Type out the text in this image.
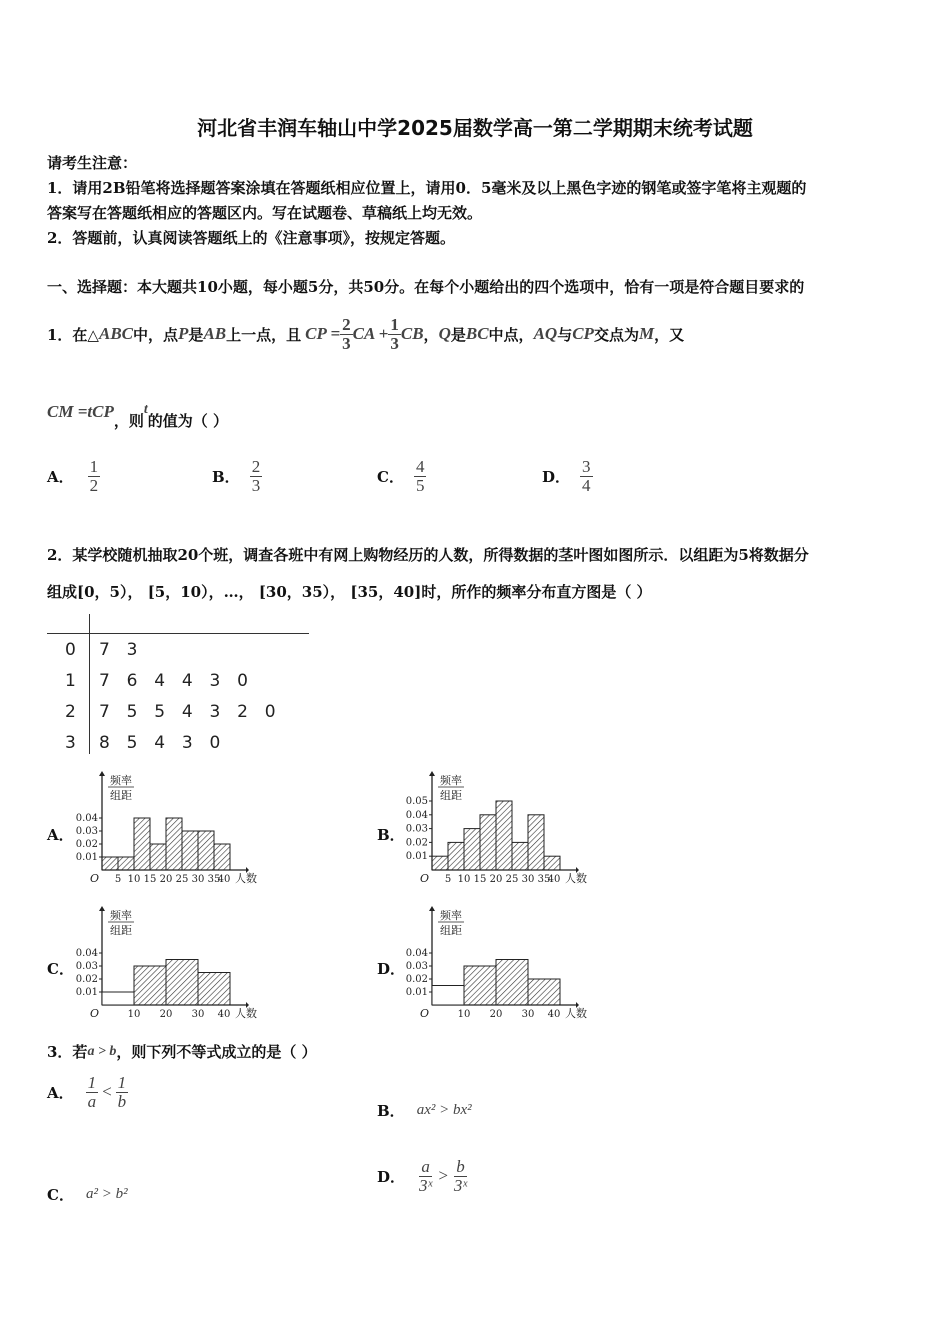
河北省丰润车轴山中学2025届数学高一第二学期期末统考试题
请考生注意：
1．请用2B铅笔将选择题答案涂填在答题纸相应位置上，请用0．5毫米及以上黑色字迹的钢笔或签字笔将主观题的
答案写在答题纸相应的答题区内。写在试题卷、草稿纸上均无效。
2．答题前，认真阅读答题纸上的《注意事项》，按规定答题。
一、选择题：本大题共10小题，每小题5分，共50分。在每个小题给出的四个选项中，恰有一项是符合题目要求的
1．在△ ABC 中，点 P 是 AB 上一点，且 CP = $\frac{2}{3}$ CA + $\frac{1}{3}$ CB ， Q 是 BC 中点， AQ 与 CP 交点为 M ，又
CM =tCP ，则
t
的值为（ ）
A． $\frac{1}{2}$	B． $\frac{2}{3}$	C． $\frac{4}{5}$	D． $\frac{3}{4}$
2．某学校随机抽取20个班，调查各班中有网上购物经历的人数，所得数据的茎叶图如图所示．以组距为5将数据分
组成[0，5）， [5，10），…， [30，35）， [35，40]时，所作的频率分布直方图是（ ）
0 7  3
1 7  6  4  4  3  0
2 7  5  5  4  3  2  0
3 8  5  4  3  0
A．	B．
C．	D．
频率
组距
O
0.01
0.02
0.03
0.04
5 10 15 20 25 30 35
40 人数
频率
组距
O
0.01
0.02
0.03
0.04
0.05
5 10 15 20 25 30 35
40 人数
频率
组距
O
0.01
0.02
0.03
0.04
10 20 30 40 人数
频率
组距
O
0.01
0.02
0.03
0.04
10 20 30 40 人数
3．若 a > b ，则下列不等式成立的是（ ）
A． $\frac{1}{a} < \frac{1}{b}$
B． ax² > bx²
C． a² > b²
D． $\frac{a}{\text{3ˣ}} > \frac{b}{\text{3ˣ}}$
